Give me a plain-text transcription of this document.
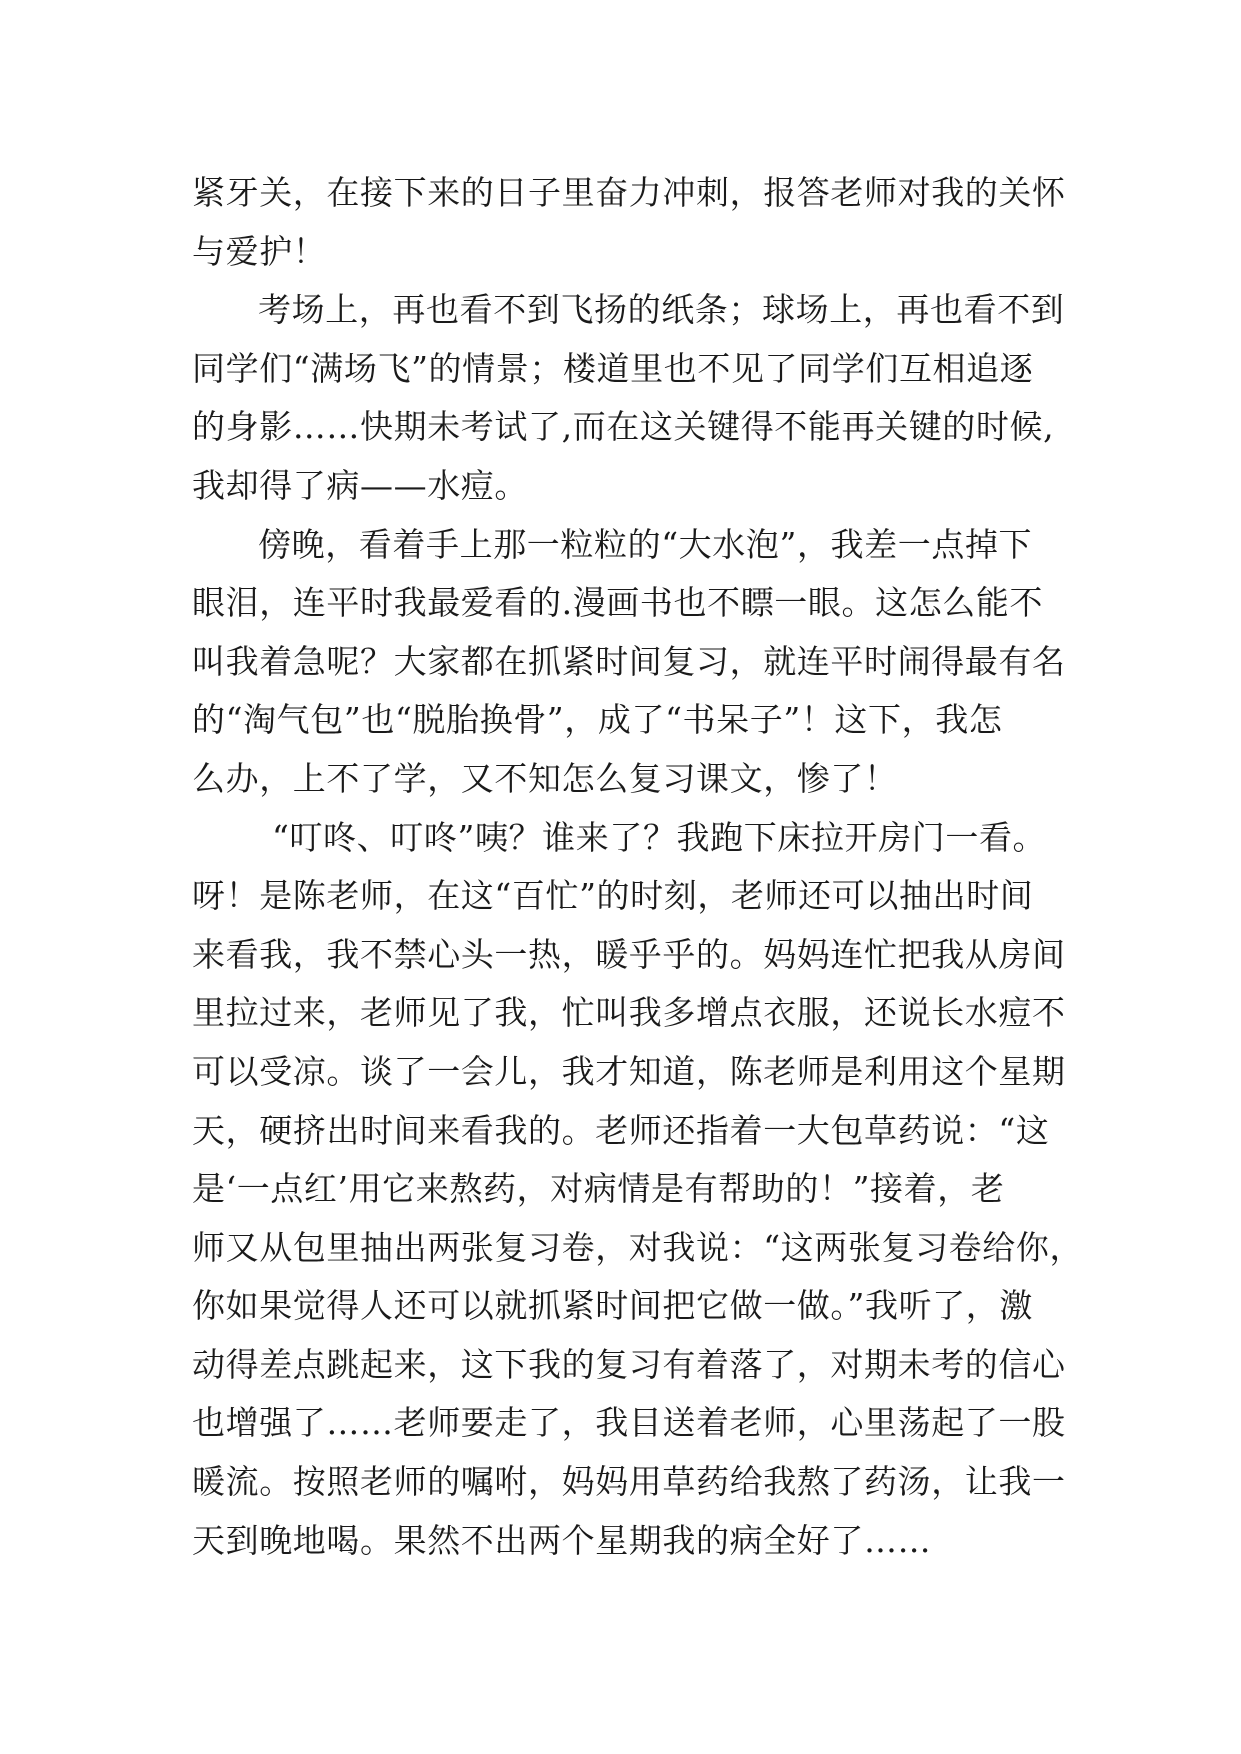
紧牙关，在接下来的日子里奋力冲刺，报答老师对我的关怀
与爱护！
考场上，再也看不到飞扬的纸条；球场上，再也看不到
同学们“满场飞”的情景；楼道里也不见了同学们互相追逐
的身影……快期未考试了,而在这关键得不能再关键的时候,
我却得了病——水痘。
傍晚，看着手上那一粒粒的“大水泡”，我差一点掉下
眼泪，连平时我最爱看的.漫画书也不瞟一眼。这怎么能不
叫我着急呢？大家都在抓紧时间复习，就连平时闹得最有名
的“淘气包”也“脱胎换骨”，成了“书呆子”！这下，我怎
么办，上不了学，又不知怎么复习课文，惨了！
“叮咚、叮咚”咦？谁来了？我跑下床拉开房门一看。
呀！是陈老师，在这“百忙”的时刻，老师还可以抽出时间
来看我，我不禁心头一热，暖乎乎的。妈妈连忙把我从房间
里拉过来，老师见了我，忙叫我多增点衣服，还说长水痘不
可以受凉。谈了一会儿，我才知道，陈老师是利用这个星期
天，硬挤出时间来看我的。老师还指着一大包草药说：“这
是‘一点红’用它来熬药，对病情是有帮助的！”接着，老
师又从包里抽出两张复习卷，对我说：“这两张复习卷给你，
你如果觉得人还可以就抓紧时间把它做一做。”我听了，激
动得差点跳起来，这下我的复习有着落了，对期未考的信心
也增强了……老师要走了，我目送着老师，心里荡起了一股
暖流。按照老师的嘱咐，妈妈用草药给我熬了药汤，让我一
天到晚地喝。果然不出两个星期我的病全好了……
